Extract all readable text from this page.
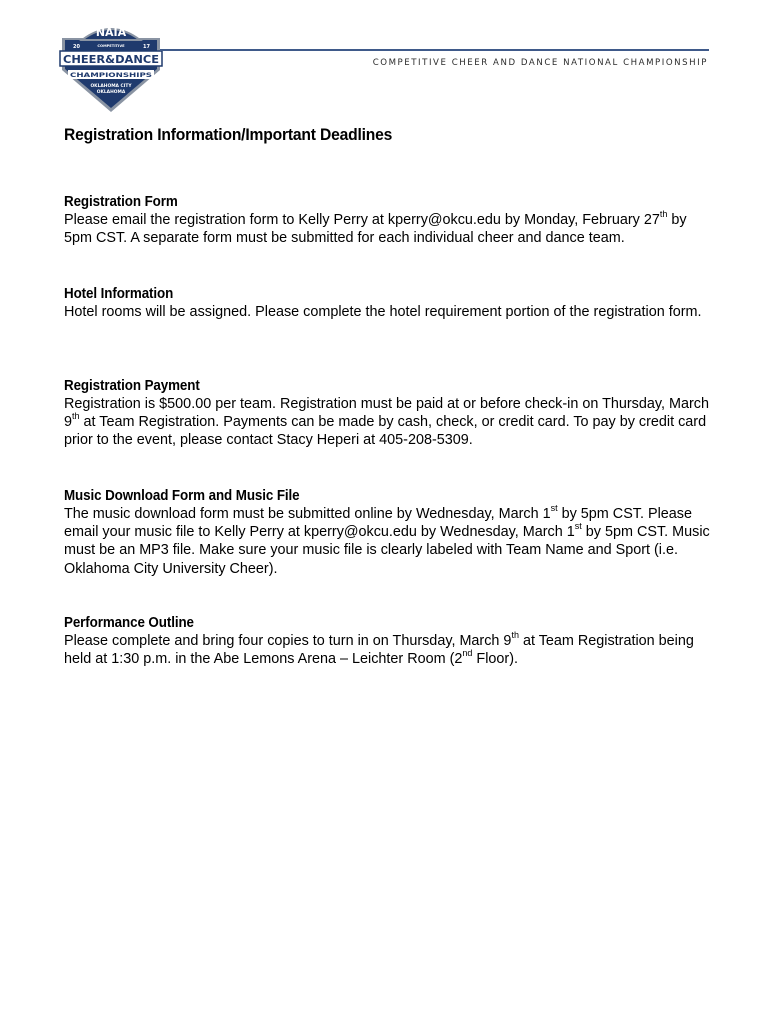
NAIA
20	17
COMPETITIVE
CHEER&DANCE
CHAMPIONSHIPS
OKLAHOMA CITY
OKLAHOMA
COMPETITIVE CHEER AND DANCE NATIONAL CHAMPIONSHIP
Registration Information/Important Deadlines
Registration Form

Please email the registration form to Kelly Perry at kperry@okcu.edu by Monday, February 27th by 5pm CST. A separate form must be submitted for each individual cheer and dance team.

Hotel Information

Hotel rooms will be assigned. Please complete the hotel requirement portion of the registration form.

Registration Payment

Registration is $500.00 per team. Registration must be paid at or before check-in on Thursday, March 9th at Team Registration. Payments can be made by cash, check, or credit card. To pay by credit card prior to the event, please contact Stacy Heperi at 405-208-5309.

Music Download Form and Music File

The music download form must be submitted online by Wednesday, March 1st by 5pm CST. Please email your music file to Kelly Perry at kperry@okcu.edu by Wednesday, March 1st by 5pm CST. Music must be an MP3 file. Make sure your music file is clearly labeled with Team Name and Sport (i.e. Oklahoma City University Cheer).

Performance Outline

Please complete and bring four copies to turn in on Thursday, March 9th at Team Registration being held at 1:30 p.m. in the Abe Lemons Arena – Leichter Room (2nd Floor).
